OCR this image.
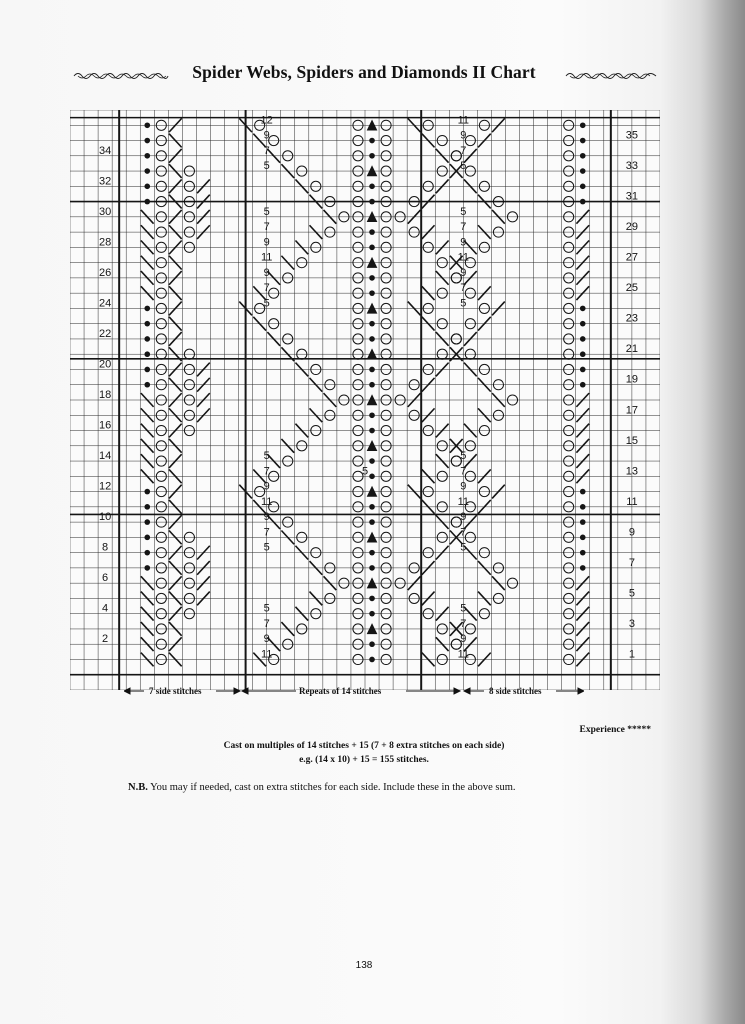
Spider Webs, Spiders and Diamonds II Chart
35
33
31
29
27
25
23
21
19
17
15
13
11
9
7
5
3
1
34
32
30
28
26
24
22
20
18
16
14
12
10
8
6
4
2
12
9
7
5
5
7
9
11
9
7
5
5
7
9
11
9
7
5
5
7
9
11
11
9
7
5
5
7
9
11
9
7
5
5
7
9
11
9
7
5
5
7
9
11
5
7 side stitches	Repeats of 14 stitches	8 side stitches
Experience *****
Cast on multiples of 14 stitches + 15 (7 + 8 extra stitches on each side)
e.g. (14 x 10) + 15 = 155 stitches.
N.B. You may if needed, cast on extra stitches for each side. Include these in the above sum.
138
